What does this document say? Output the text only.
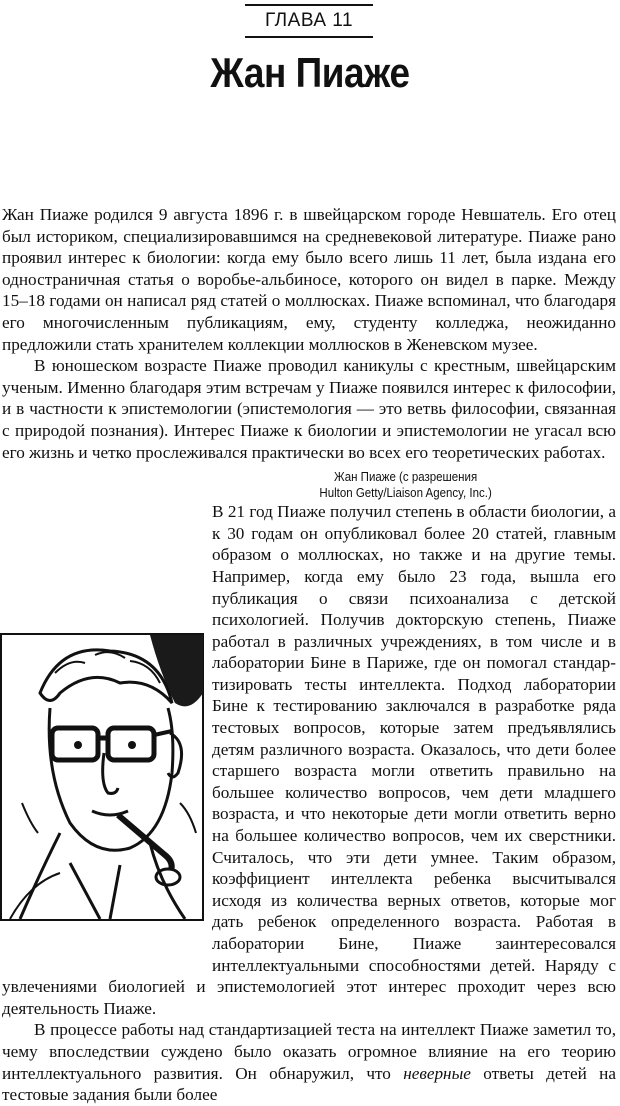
ГЛАВА 11
Жан Пиаже

Жан Пиаже родился 9 августа 1896 г. в швейцарском городе Невшатель. Его отец был историком, специализировавшимся на средневековой литературе. Пиаже рано проявил интерес к биологии: когда ему было всего лишь 11 лет, была издана его одностраничная статья о воробье-альбиносе, которого он видел в парке. Между 15–18 годами он написал ряд статей о моллюсках. Пиаже вспоминал, что благодаря его многочисленным публикациям, ему, студенту колледжа, неожиданно предложили стать хранителем коллекции моллюсков в Женевском музее.

В юношеском возрасте Пиаже проводил каникулы с крестным, швейцарским ученым. Именно благодаря этим встречам у Пиаже появился интерес к философии, и в частности к эпистемологии (эпистемология — это ветвь философии, связанная с природой познания). Интерес Пиаже к биологии и эпистемологии не угасал всю его жизнь и четко прослеживался практически во всех его теоретических работах.

Жан Пиаже (с разрешения
Hulton Getty/Liaison Agency, Inc.)
В 21 год Пиаже получил степень в области биологии, а к 30 годам он опубликовал более 20 статей, главным образом о моллюсках, но также и на другие темы. Например, когда ему было 23 года, вышла его публикация о связи психоанализа с детской психологией. Получив докторскую степень, Пиаже работал в различных учреждениях, в том числе и в лаборатории Бине в Париже, где он помогал стандартизировать тесты интеллекта. Подход лаборатории Бине к тестированию заключался в разработке ряда тестовых вопросов, которые затем предъявлялись детям различного возраста. Оказалось, что дети более старшего возраста могли ответить правильно на большее количество вопросов, чем дети младшего возраста, и что некоторые дети могли ответить верно на большее количество вопросов, чем их сверстники. Считалось, что эти дети умнее. Таким образом, коэффициент интеллекта ребенка высчитывался исходя из количества верных ответов, которые мог дать ребенок определенного возраста. Работая в лаборатории Бине, Пиаже заинтересовался интеллектуальными способностями детей. Наряду с увлечениями биологией и эпистемологией этот интерес проходит через всю деятельность Пиаже.

В процессе работы над стандартизацией теста на интеллект Пиаже заметил то, чему впоследствии суждено было оказать огромное влияние на его теорию интеллектуального развития. Он обнаружил, что неверные ответы детей на тестовые задания были более
